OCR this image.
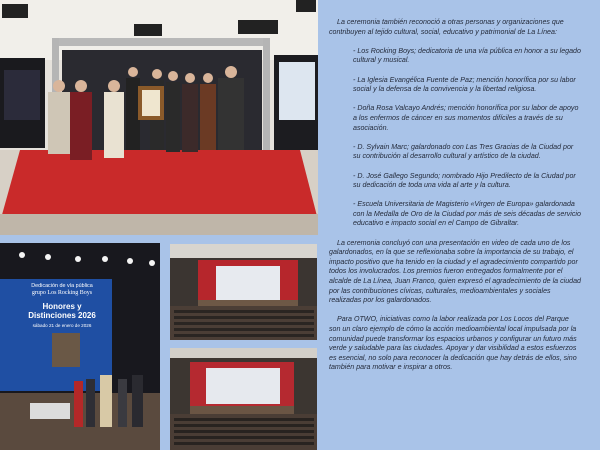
Dedicación de vía pública
grupo Los Rocking Boys
Honores y Distinciones 2026
sábado 21 de enero de 2026

La ceremonia también reconoció a otras personas y organizaciones que contribuyen al tejido cultural, social, educativo y patrimonial de La Línea:

- Los Rocking Boys; dedicatoria de una vía pública en honor a su legado cultural y musical.
- La Iglesia Evangélica Fuente de Paz; mención honorífica por su labor social y la defensa de la convivencia y la libertad religiosa.
- Doña Rosa Valcayo Andrés; mención honorífica por su labor de apoyo a los enfermos de cáncer en sus momentos difíciles a través de su asociación.
- D. Sylvain Marc; galardonado con Las Tres Gracias de la Ciudad por su contribución al desarrollo cultural y artístico de la ciudad.
- D. José Gallego Segundo; nombrado Hijo Predilecto de la Ciudad por su dedicación de toda una vida al arte y la cultura.
- Escuela Universitaria de Magisterio «Virgen de Europa» galardonada con la Medalla de Oro de la Ciudad por más de seis décadas de servicio educativo e impacto social en el Campo de Gibraltar.

La ceremonia concluyó con una presentación en video de cada uno de los galardonados, en la que se reflexionaba sobre la importancia de su trabajo, el impacto positivo que ha tenido en la ciudad y el agradecimiento compartido por todos los involucrados. Los premios fueron entregados formalmente por el alcalde de La Línea, Juan Franco, quien expresó el agradecimiento de la ciudad por las contribuciones cívicas, culturales, medioambientales y sociales realizadas por los galardonados.

Para OTWO, iniciativas como la labor realizada por Los Locos del Parque son un claro ejemplo de cómo la acción medioambiental local impulsada por la comunidad puede transformar los espacios urbanos y configurar un futuro más verde y saludable para las ciudades. Apoyar y dar visibilidad a estos esfuerzos es esencial, no solo para reconocer la dedicación que hay detrás de ellos, sino también para motivar e inspirar a otros.
